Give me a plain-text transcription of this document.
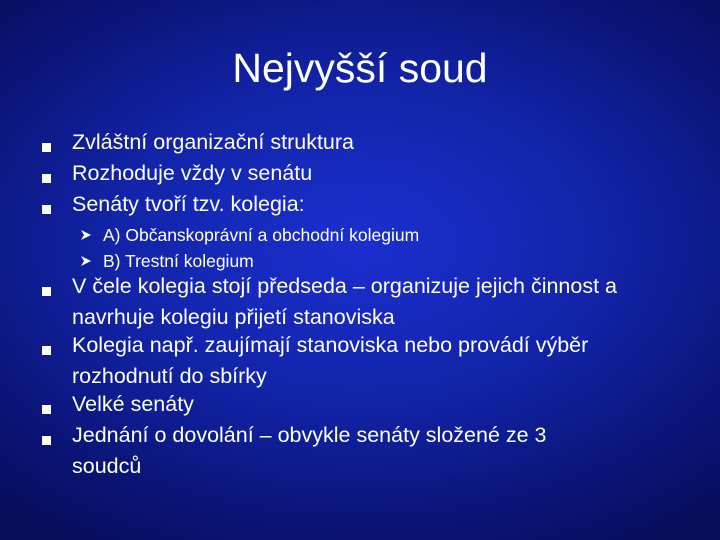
Nejvyšší soud
Zvláštní organizační struktura
Rozhoduje vždy v senátu
Senáty tvoří tzv. kolegia:
A) Občanskoprávní a obchodní kolegium
B) Trestní kolegium
V čele kolegia stojí předseda – organizuje jejich činnost a
navrhuje kolegiu přijetí stanoviska
Kolegia např. zaujímají stanoviska nebo provádí výběr
rozhodnutí do sbírky
Velké senáty
Jednání o dovolání – obvykle senáty složené ze 3
soudců
